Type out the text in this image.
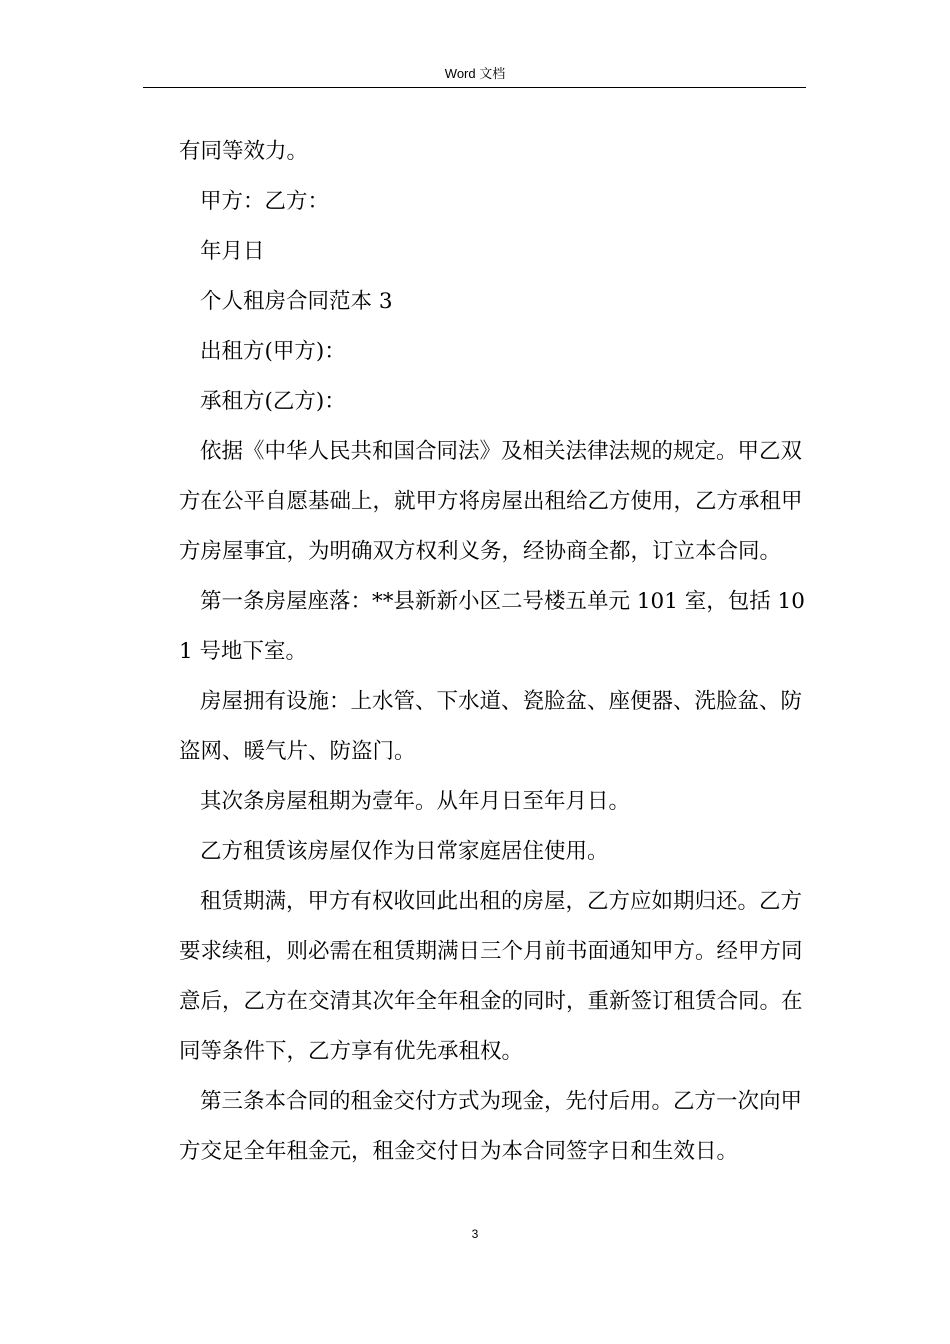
Word 文档

有同等效力。

甲方：乙方：

年月日

个人租房合同范本 3

出租方(甲方)：

承租方(乙方)：

依据《中华人民共和国合同法》及相关法律法规的规定。甲乙双方在公平自愿基础上，就甲方将房屋出租给乙方使用，乙方承租甲方房屋事宜，为明确双方权利义务，经协商全都，订立本合同。

第一条房屋座落：**县新新小区二号楼五单元 101 室，包括 101 号地下室。

房屋拥有设施：上水管、下水道、瓷脸盆、座便器、洗脸盆、防盗网、暖气片、防盗门。

其次条房屋租期为壹年。从年月日至年月日。

乙方租赁该房屋仅作为日常家庭居住使用。

租赁期满，甲方有权收回此出租的房屋，乙方应如期归还。乙方要求续租，则必需在租赁期满日三个月前书面通知甲方。经甲方同意后，乙方在交清其次年全年租金的同时，重新签订租赁合同。在同等条件下，乙方享有优先承租权。

第三条本合同的租金交付方式为现金，先付后用。乙方一次向甲方交足全年租金元，租金交付日为本合同签字日和生效日。

3
